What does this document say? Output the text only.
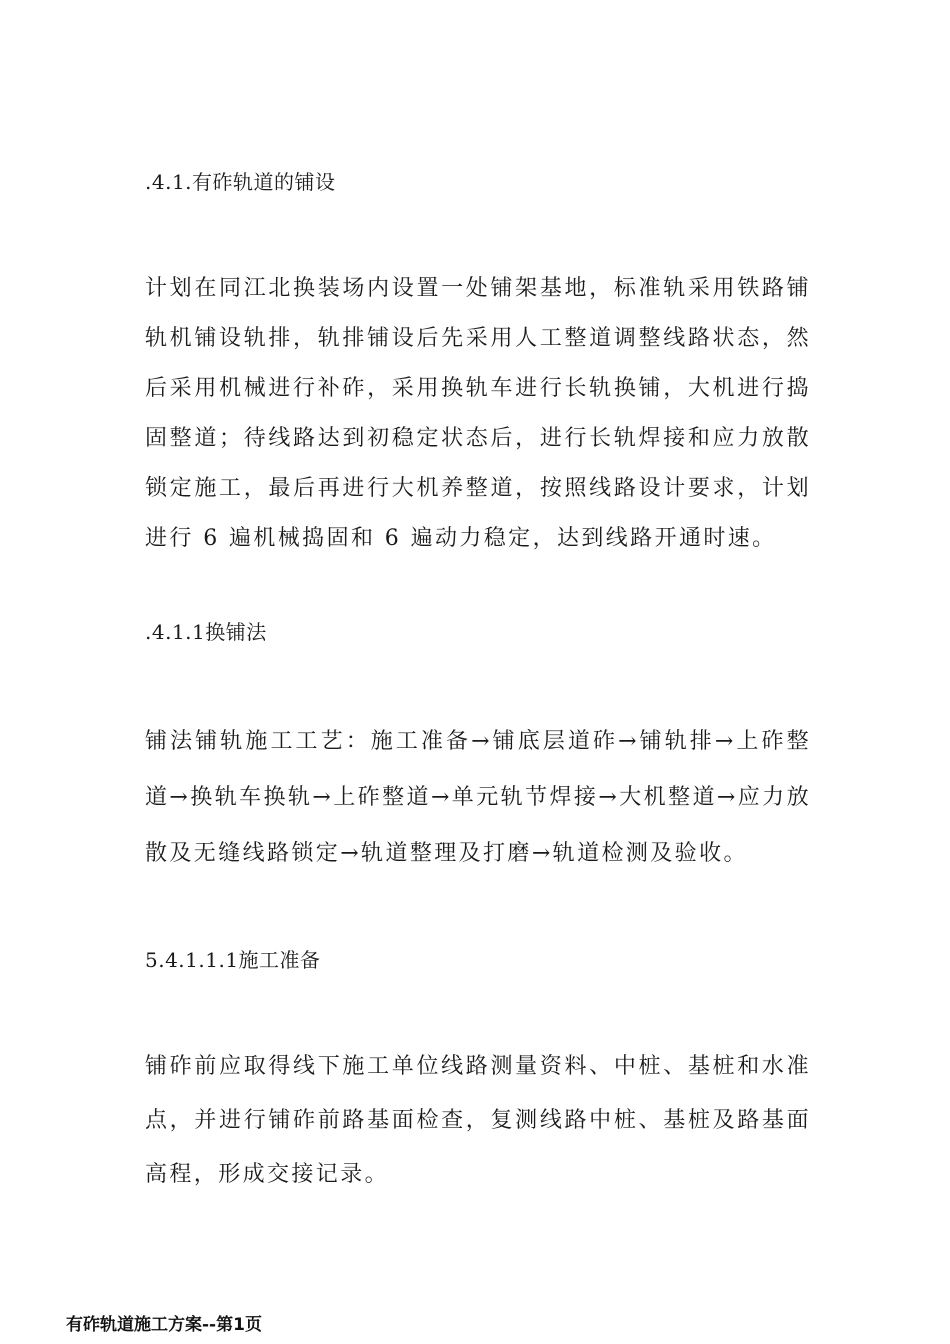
.4.1.有砟轨道的铺设

计划在同江北换装场内设置一处铺架基地，标准轨采用铁路铺轨机铺设轨排，轨排铺设后先采用人工整道调整线路状态，然后采用机械进行补砟，采用换轨车进行长轨换铺，大机进行捣固整道；待线路达到初稳定状态后，进行长轨焊接和应力放散锁定施工，最后再进行大机养整道，按照线路设计要求，计划进行 6 遍机械捣固和 6 遍动力稳定，达到线路开通时速。

.4.1.1换铺法

铺法铺轨施工工艺：施工准备→铺底层道砟→铺轨排→上砟整道→换轨车换轨→上砟整道→单元轨节焊接→大机整道→应力放散及无缝线路锁定→轨道整理及打磨→轨道检测及验收。

5.4.1.1.1施工准备

铺砟前应取得线下施工单位线路测量资料、中桩、基桩和水准点，并进行铺砟前路基面检查，复测线路中桩、基桩及路基面高程，形成交接记录。

有砟轨道施工方案--第1页
